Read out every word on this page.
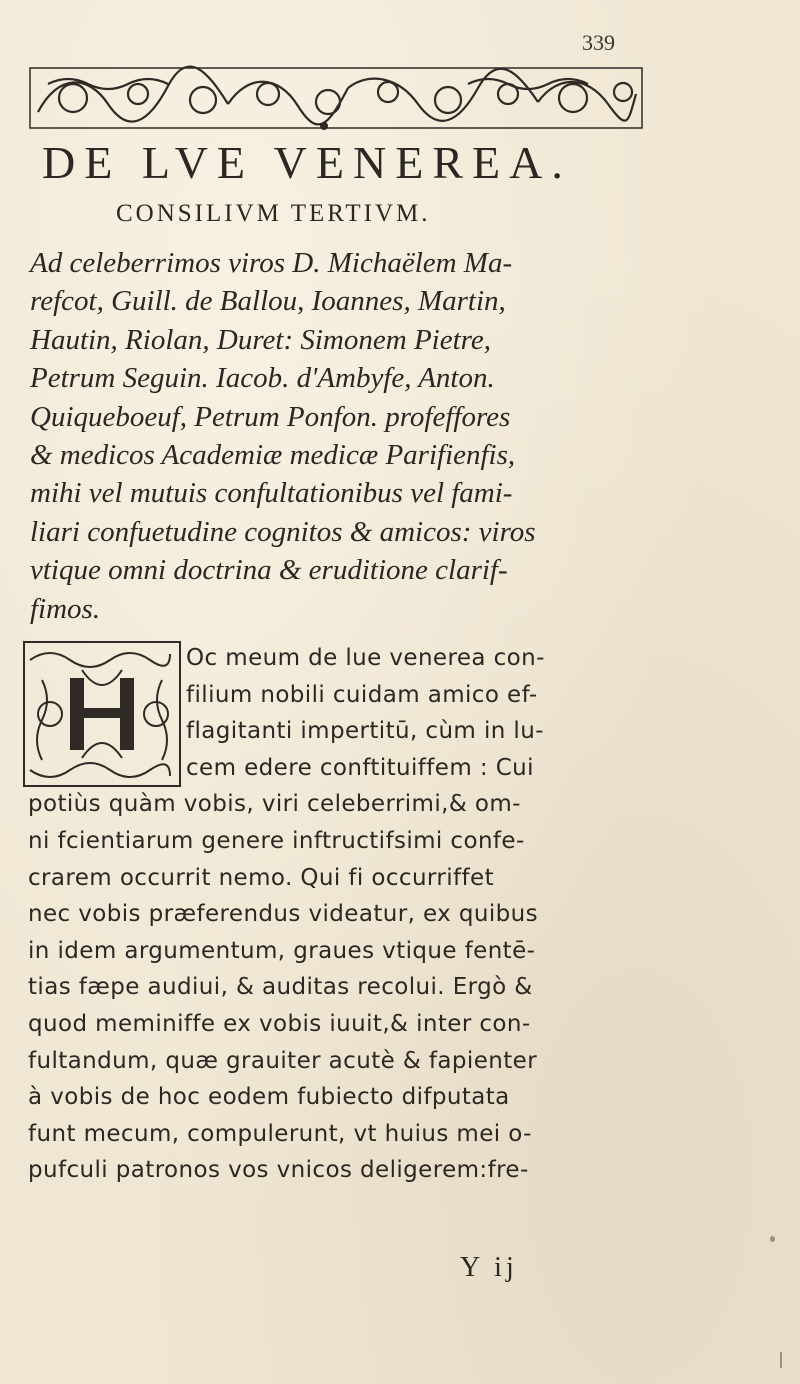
339
DE LVE VENEREA.
CONSILIVM TERTIVM.
Ad celeberrimos viros D. Michaëlem Ma-
refcot, Guill. de Ballou, Ioannes, Martin,
Hautin, Riolan, Duret: Simonem Pietre,
Petrum Seguin. Iacob. d'Ambyfe, Anton.
Quiqueboeuf, Petrum Ponfon. profeffores
& medicos Academiæ medicæ Parifienfis,
mihi vel mutuis confultationibus vel fami-
liari confuetudine cognitos & amicos: viros
vtique omni doctrina & eruditione clarif-
fimos.
H
Oc meum de lue venerea con-
filium nobili cuidam amico ef-
flagitanti impertitū, cùm in lu-
cem edere conftituiffem : Cui
potiùs quàm vobis, viri celeberrimi,& om-
ni fcientiarum genere inftructifsimi confe-
crarem occurrit nemo. Qui fi occurriffet
nec vobis præferendus videatur, ex quibus
in idem argumentum, graues vtique fentē-
tias fæpe audiui, & auditas recolui. Ergò &
quod meminiffe ex vobis iuuit,& inter con-
fultandum, quæ grauiter acutè & fapienter
à vobis de hoc eodem fubiecto difputata
funt mecum, compulerunt, vt huius mei o-
pufculi patronos vos vnicos deligerem:fre-
Y ij
